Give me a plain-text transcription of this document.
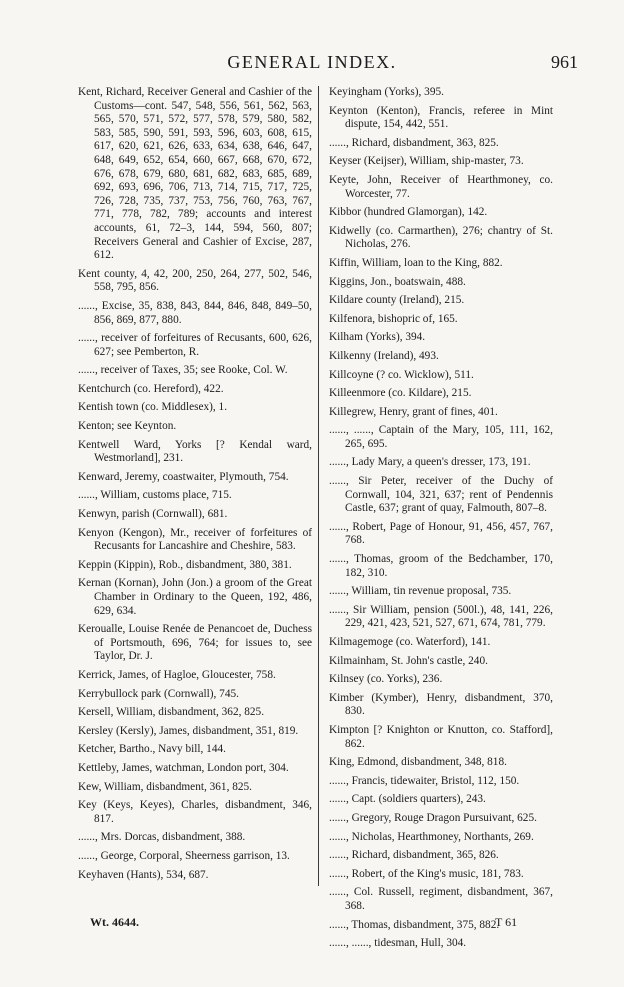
GENERAL INDEX.	961
Kent, Richard, Receiver General and Cashier of the Customs—cont. 547, 548, 556, 561, 562, 563, 565, 570, 571, 572, 577, 578, 579, 580, 582, 583, 585, 590, 591, 593, 596, 603, 608, 615, 617, 620, 621, 626, 633, 634, 638, 646, 647, 648, 649, 652, 654, 660, 667, 668, 670, 672, 676, 678, 679, 680, 681, 682, 683, 685, 689, 692, 693, 696, 706, 713, 714, 715, 717, 725, 726, 728, 735, 737, 753, 756, 760, 763, 767, 771, 778, 782, 789; accounts and interest accounts, 61, 72–3, 144, 594, 560, 807; Receivers General and Cashier of Excise, 287, 612.
Kent county, 4, 42, 200, 250, 264, 277, 502, 546, 558, 795, 856.
......, Excise, 35, 838, 843, 844, 846, 848, 849–50, 856, 869, 877, 880.
......, receiver of forfeitures of Recusants, 600, 626, 627; see Pemberton, R.
......, receiver of Taxes, 35; see Rooke, Col. W.
Kentchurch (co. Hereford), 422.
Kentish town (co. Middlesex), 1.
Kenton; see Keynton.
Kentwell Ward, Yorks [? Kendal ward, Westmorland], 231.
Kenward, Jeremy, coastwaiter, Plymouth, 754.
......, William, customs place, 715.
Kenwyn, parish (Cornwall), 681.
Kenyon (Kengon), Mr., receiver of forfeitures of Recusants for Lancashire and Cheshire, 583.
Keppin (Kippin), Rob., disbandment, 380, 381.
Kernan (Kornan), John (Jon.) a groom of the Great Chamber in Ordinary to the Queen, 192, 486, 629, 634.
Keroualle, Louise Renée de Penancoet de, Duchess of Portsmouth, 696, 764; for issues to, see Taylor, Dr. J.
Kerrick, James, of Hagloe, Gloucester, 758.
Kerrybullock park (Cornwall), 745.
Kersell, William, disbandment, 362, 825.
Kersley (Kersly), James, disbandment, 351, 819.
Ketcher, Bartho., Navy bill, 144.
Kettleby, James, watchman, London port, 304.
Kew, William, disbandment, 361, 825.
Key (Keys, Keyes), Charles, disbandment, 346, 817.
......, Mrs. Dorcas, disbandment, 388.
......, George, Corporal, Sheerness garrison, 13.
Keyhaven (Hants), 534, 687.
Keyingham (Yorks), 395.
Keynton (Kenton), Francis, referee in Mint dispute, 154, 442, 551.
......, Richard, disbandment, 363, 825.
Keyser (Keijser), William, ship-master, 73.
Keyte, John, Receiver of Hearthmoney, co. Worcester, 77.
Kibbor (hundred Glamorgan), 142.
Kidwelly (co. Carmarthen), 276; chantry of St. Nicholas, 276.
Kiffin, William, loan to the King, 882.
Kiggins, Jon., boatswain, 488.
Kildare county (Ireland), 215.
Kilfenora, bishopric of, 165.
Kilham (Yorks), 394.
Kilkenny (Ireland), 493.
Killcoyne (? co. Wicklow), 511.
Killeenmore (co. Kildare), 215.
Killegrew, Henry, grant of fines, 401.
......, ......, Captain of the Mary, 105, 111, 162, 265, 695.
......, Lady Mary, a queen's dresser, 173, 191.
......, Sir Peter, receiver of the Duchy of Cornwall, 104, 321, 637; rent of Pendennis Castle, 637; grant of quay, Falmouth, 807–8.
......, Robert, Page of Honour, 91, 456, 457, 767, 768.
......, Thomas, groom of the Bedchamber, 170, 182, 310.
......, William, tin revenue proposal, 735.
......, Sir William, pension (500l.), 48, 141, 226, 229, 421, 423, 521, 527, 671, 674, 781, 779.
Kilmagemoge (co. Waterford), 141.
Kilmainham, St. John's castle, 240.
Kilnsey (co. Yorks), 236.
Kimber (Kymber), Henry, disbandment, 370, 830.
Kimpton [? Knighton or Knutton, co. Stafford], 862.
King, Edmond, disbandment, 348, 818.
......, Francis, tidewaiter, Bristol, 112, 150.
......, Capt. (soldiers quarters), 243.
......, Gregory, Rouge Dragon Pursuivant, 625.
......, Nicholas, Hearthmoney, Northants, 269.
......, Richard, disbandment, 365, 826.
......, Robert, of the King's music, 181, 783.
......, Col. Russell, regiment, disbandment, 367, 368.
......, Thomas, disbandment, 375, 882.
......, ......, tidesman, Hull, 304.
Wt. 4644.	T 61
